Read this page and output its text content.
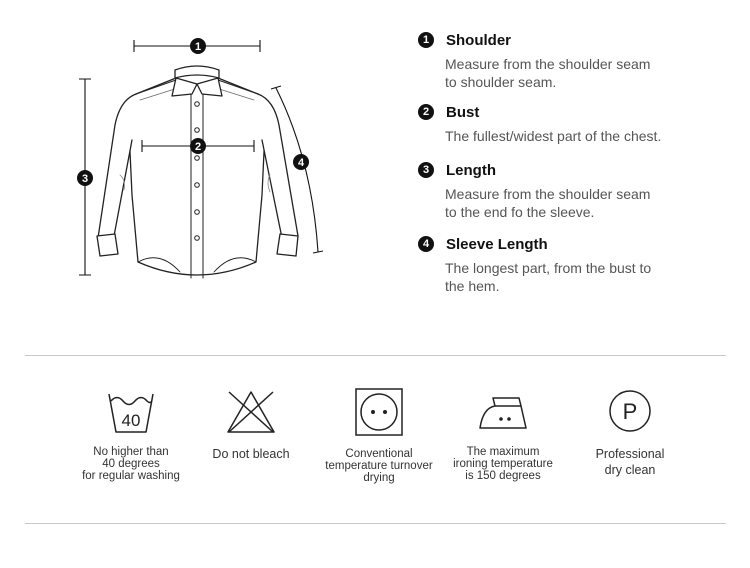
1
2
3
4
1	Shoulder
Measure from the shoulder seam
to shoulder seam.
2	Bust
The fullest/widest part of the chest.
3	Length
Measure from the shoulder seam
to the end fo the sleeve.
4	Sleeve Length
The longest part, from the bust to
the hem.
40
No higher than
40 degrees
for regular washing
Do not bleach	Conventional
temperature turnover
drying
The maximum
ironing temperature
is 150 degrees
P
Professional
dry clean
